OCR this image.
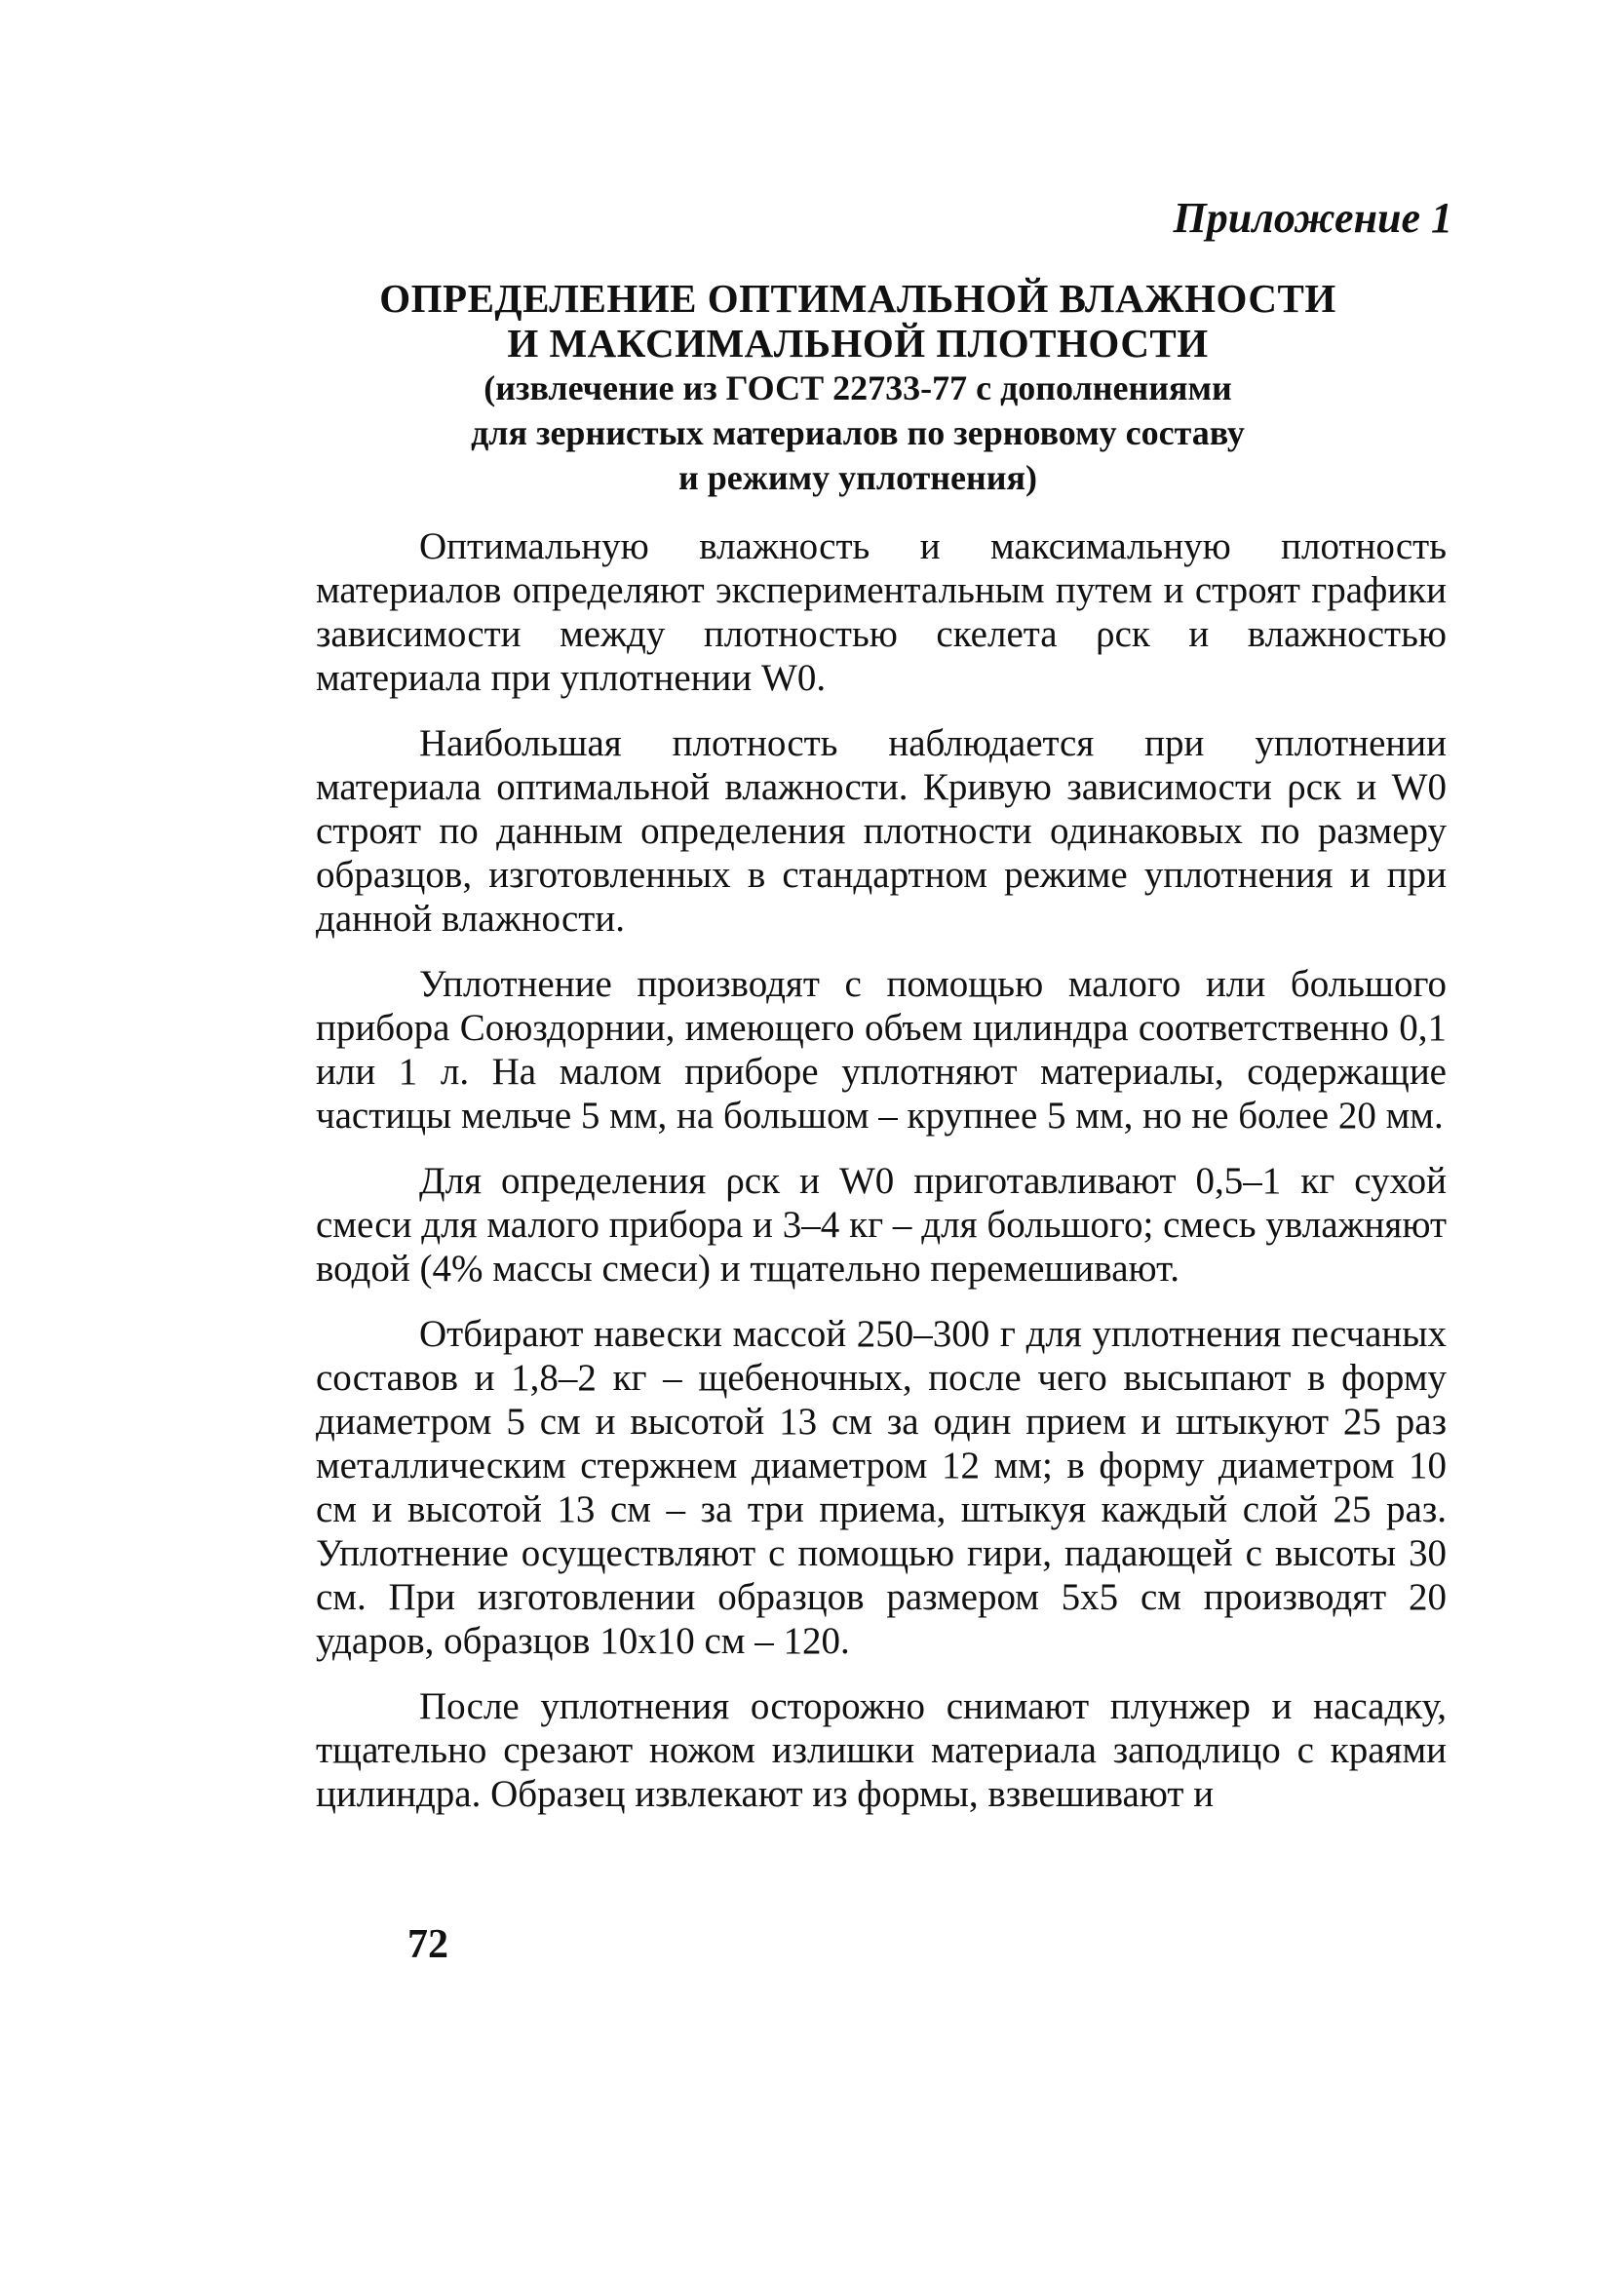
Приложение 1
ОПРЕДЕЛЕНИЕ ОПТИМАЛЬНОЙ ВЛАЖНОСТИ
И МАКСИМАЛЬНОЙ ПЛОТНОСТИ
(извлечение из ГОСТ 22733-77 с дополнениями
для зернистых материалов по зерновому составу
и режиму уплотнения)

Оптимальную влажность и максимальную плотность материалов определяют экспериментальным путем и строят графики зависимости между плотностью скелета ρск и влажностью материала при уплотнении W0.

Наибольшая плотность наблюдается при уплотнении материала оптимальной влажности. Кривую зависимости ρск и W0 строят по данным определения плотности одинаковых по размеру образцов, изготовленных в стандартном режиме уплотнения и при данной влажности.

Уплотнение производят с помощью малого или большого прибора Союздорнии, имеющего объем цилиндра соответственно 0,1 или 1 л. На малом приборе уплотняют материалы, содержащие частицы мельче 5 мм, на большом – крупнее 5 мм, но не более 20 мм.

Для определения ρск и W0 приготавливают 0,5–1 кг сухой смеси для малого прибора и 3–4 кг – для большого; смесь увлажняют водой (4% массы смеси) и тщательно перемешивают.

Отбирают навески массой 250–300 г для уплотнения песчаных составов и 1,8–2 кг – щебеночных, после чего высыпают в форму диаметром 5 см и высотой 13 см за один прием и штыкуют 25 раз металлическим стержнем диаметром 12 мм; в форму диаметром 10 см и высотой 13 см – за три приема, штыкуя каждый слой 25 раз. Уплотнение осуществляют с помощью гири, падающей с высоты 30 см. При изготовлении образцов размером 5х5 см производят 20 ударов, образцов 10х10 см – 120.

После уплотнения осторожно снимают плунжер и насадку, тщательно срезают ножом излишки материала заподлицо с краями цилиндра. Образец извлекают из формы, взвешивают и

72
